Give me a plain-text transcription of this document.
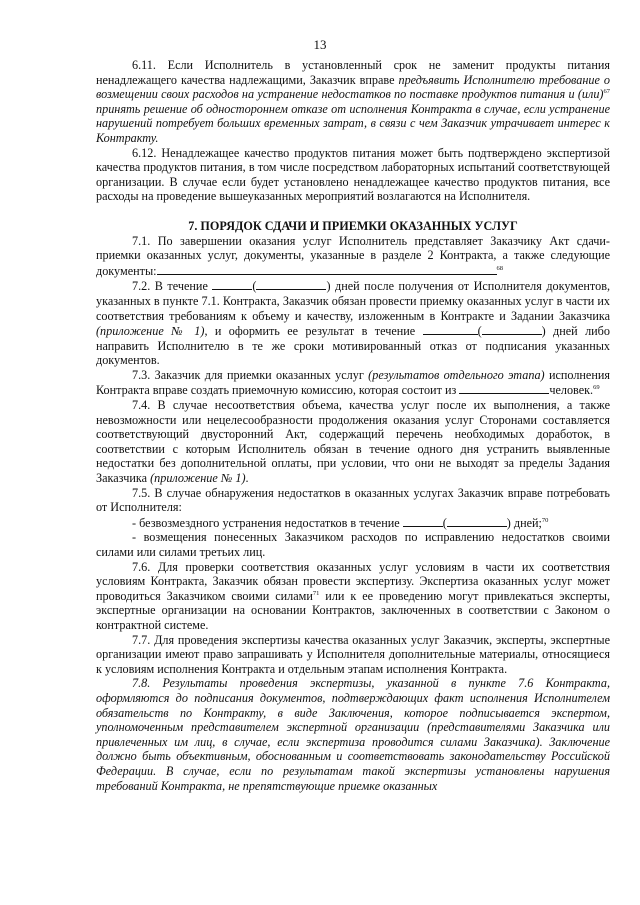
13

6.11. Если Исполнитель в установленный срок не заменит продукты питания ненадлежащего качества надлежащими, Заказчик вправе предъявить Исполнителю требование о возмещении своих расходов на устранение недостатков по поставке продуктов питания и (или)$^{67}$ принять решение об одностороннем отказе от исполнения Контракта в случае, если устранение нарушений потребует больших временных затрат, в связи с чем Заказчик утрачивает интерес к Контракту.

6.12. Ненадлежащее качество продуктов питания может быть подтверждено экспертизой качества продуктов питания, в том числе посредством лабораторных испытаний соответствующей организации. В случае если будет установлено ненадлежащее качество продуктов питания, все расходы на проведение вышеуказанных мероприятий возлагаются на Исполнителя.

7. ПОРЯДОК СДАЧИ И ПРИЕМКИ ОКАЗАННЫХ УСЛУГ

7.1. По завершении оказания услуг Исполнитель представляет Заказчику Акт сдачи-приемки оказанных услуг, документы, указанные в разделе 2 Контракта, а также следующие документы:	$^{68}$

7.2. В течение	(	) дней после получения от Исполнителя документов, указанных в пункте 7.1. Контракта, Заказчик обязан провести приемку оказанных услуг в части их соответствия требованиям к объему и качеству, изложенным в Контракте и Задании Заказчика (приложение № 1), и оформить ее результат в течение	(	) дней либо направить Исполнителю в те же сроки мотивированный отказ от подписания указанных документов.

7.3. Заказчик для приемки оказанных услуг (результатов отдельного этапа) исполнения Контракта вправе создать приемочную комиссию, которая состоит из	человек.$^{69}$

7.4. В случае несоответствия объема, качества услуг после их выполнения, а также невозможности или нецелесообразности продолжения оказания услуг Сторонами составляется соответствующий двусторонний Акт, содержащий перечень необходимых доработок, в соответствии с которым Исполнитель обязан в течение одного дня устранить выявленные недостатки без дополнительной оплаты, при условии, что они не выходят за пределы Задания Заказчика (приложение № 1).

7.5. В случае обнаружения недостатков в оказанных услугах Заказчик вправе потребовать от Исполнителя:

- безвозмездного устранения недостатков в течение	(	) дней;$^{70}$

- возмещения понесенных Заказчиком расходов по исправлению недостатков своими силами или силами третьих лиц.

7.6. Для проверки соответствия оказанных услуг условиям в части их соответствия условиям Контракта, Заказчик обязан провести экспертизу. Экспертиза оказанных услуг может проводиться Заказчиком своими силами$^{71}$ или к ее проведению могут привлекаться эксперты, экспертные организации на основании Контрактов, заключенных в соответствии с Законом о контрактной системе.

7.7. Для проведения экспертизы качества оказанных услуг Заказчик, эксперты, экспертные организации имеют право запрашивать у Исполнителя дополнительные материалы, относящиеся к условиям исполнения Контракта и отдельным этапам исполнения Контракта.

7.8. Результаты проведения экспертизы, указанной в пункте 7.6 Контракта, оформляются до подписания документов, подтверждающих факт исполнения Исполнителем обязательств по Контракту, в виде Заключения, которое подписывается экспертом, уполномоченным представителем экспертной организации (представителями Заказчика или привлеченных им лиц, в случае, если экспертиза проводится силами Заказчика). Заключение должно быть объективным, обоснованным и соответствовать законодательству Российской Федерации. В случае, если по результатам такой экспертизы установлены нарушения требований Контракта, не препятствующие приемке оказанных
